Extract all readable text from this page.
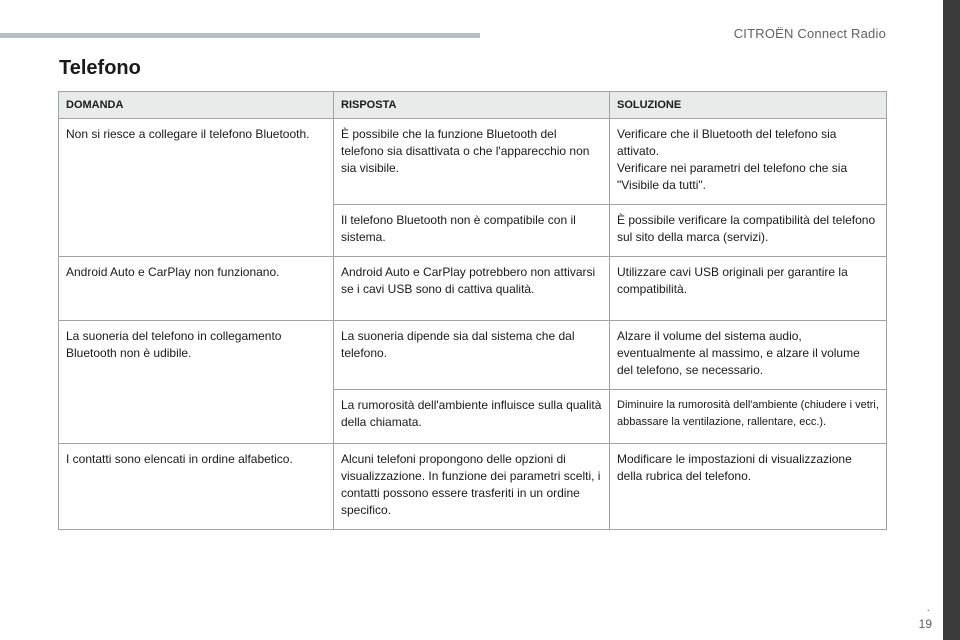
CITROËN Connect Radio
Telefono
DOMANDA	RISPOSTA	SOLUZIONE
Non si riesce a collegare il telefono Bluetooth.	È possibile che la funzione Bluetooth del telefono sia disattivata o che l'apparecchio non sia visibile.	Verificare che il Bluetooth del telefono sia attivato.
Verificare nei parametri del telefono che sia "Visibile da tutti".

	Il telefono Bluetooth non è compatibile con il sistema.	È possibile verificare la compatibilità del telefono sul sito della marca (servizi).
Android Auto e CarPlay non funzionano.	Android Auto e CarPlay potrebbero non attivarsi se i cavi USB sono di cattiva qualità.	Utilizzare cavi USB originali per garantire la compatibilità.
La suoneria del telefono in collegamento Bluetooth non è udibile.	La suoneria dipende sia dal sistema che dal telefono.	Alzare il volume del sistema audio, eventualmente al massimo, e alzare il volume del telefono, se necessario.
	La rumorosità dell'ambiente influisce sulla qualità della chiamata.	Diminuire la rumorosità dell'ambiente (chiudere i vetri, abbassare la ventilazione, rallentare, ecc.).
I contatti sono elencati in ordine alfabetico.	Alcuni telefoni propongono delle opzioni di visualizzazione. In funzione dei parametri scelti, i contatti possono essere trasferiti in un ordine specifico.	Modificare le impostazioni di visualizzazione della rubrica del telefono.
.
19
